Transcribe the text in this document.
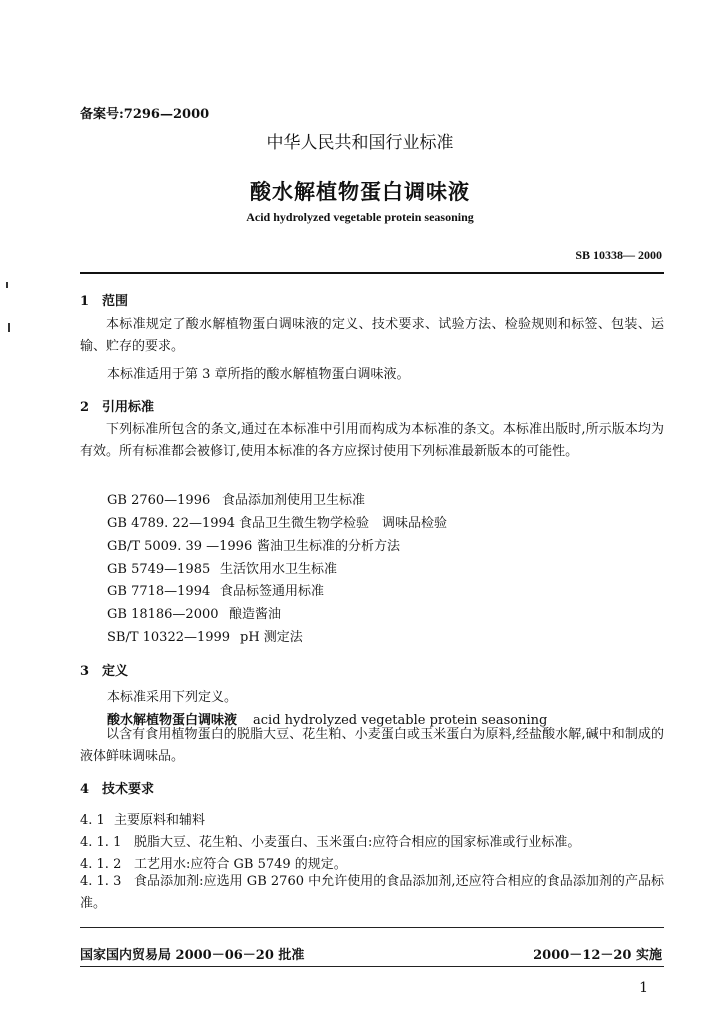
备案号:7296—2000
中华人民共和国行业标准
酸水解植物蛋白调味液
Acid hydrolyzed vegetable protein seasoning
SB 10338— 2000
1 范围
本标准规定了酸水解植物蛋白调味液的定义、技术要求、试验方法、检验规则和标签、包装、运输、贮存的要求。
本标准适用于第 3 章所指的酸水解植物蛋白调味液。
2 引用标准
下列标准所包含的条文,通过在本标准中引用而构成为本标准的条文。本标准出版时,所示版本均为有效。所有标准都会被修订,使用本标准的各方应探讨使用下列标准最新版本的可能性。
GB 2760—1996 食品添加剂使用卫生标准
GB 4789. 22—1994 食品卫生微生物学检验　调味品检验
GB/T 5009. 39 —1996 酱油卫生标准的分析方法
GB 5749—1985 生活饮用水卫生标准
GB 7718—1994 食品标签通用标准
GB 18186—2000 酿造酱油
SB/T 10322—1999 pH 测定法
3 定义
本标准采用下列定义。
酸水解植物蛋白调味液 acid hydrolyzed vegetable protein seasoning
以含有食用植物蛋白的脱脂大豆、花生粕、小麦蛋白或玉米蛋白为原料,经盐酸水解,碱中和制成的液体鲜味调味品。
4 技术要求
4. 1 主要原料和辅料
4. 1. 1 脱脂大豆、花生粕、小麦蛋白、玉米蛋白:应符合相应的国家标准或行业标准。
4. 1. 2 工艺用水:应符合 GB 5749 的规定。
4. 1. 3 食品添加剂:应选用 GB 2760 中允许使用的食品添加剂,还应符合相应的食品添加剂的产品标准。
国家国内贸易局 2000－06－20 批准	2000－12－20 实施
1
